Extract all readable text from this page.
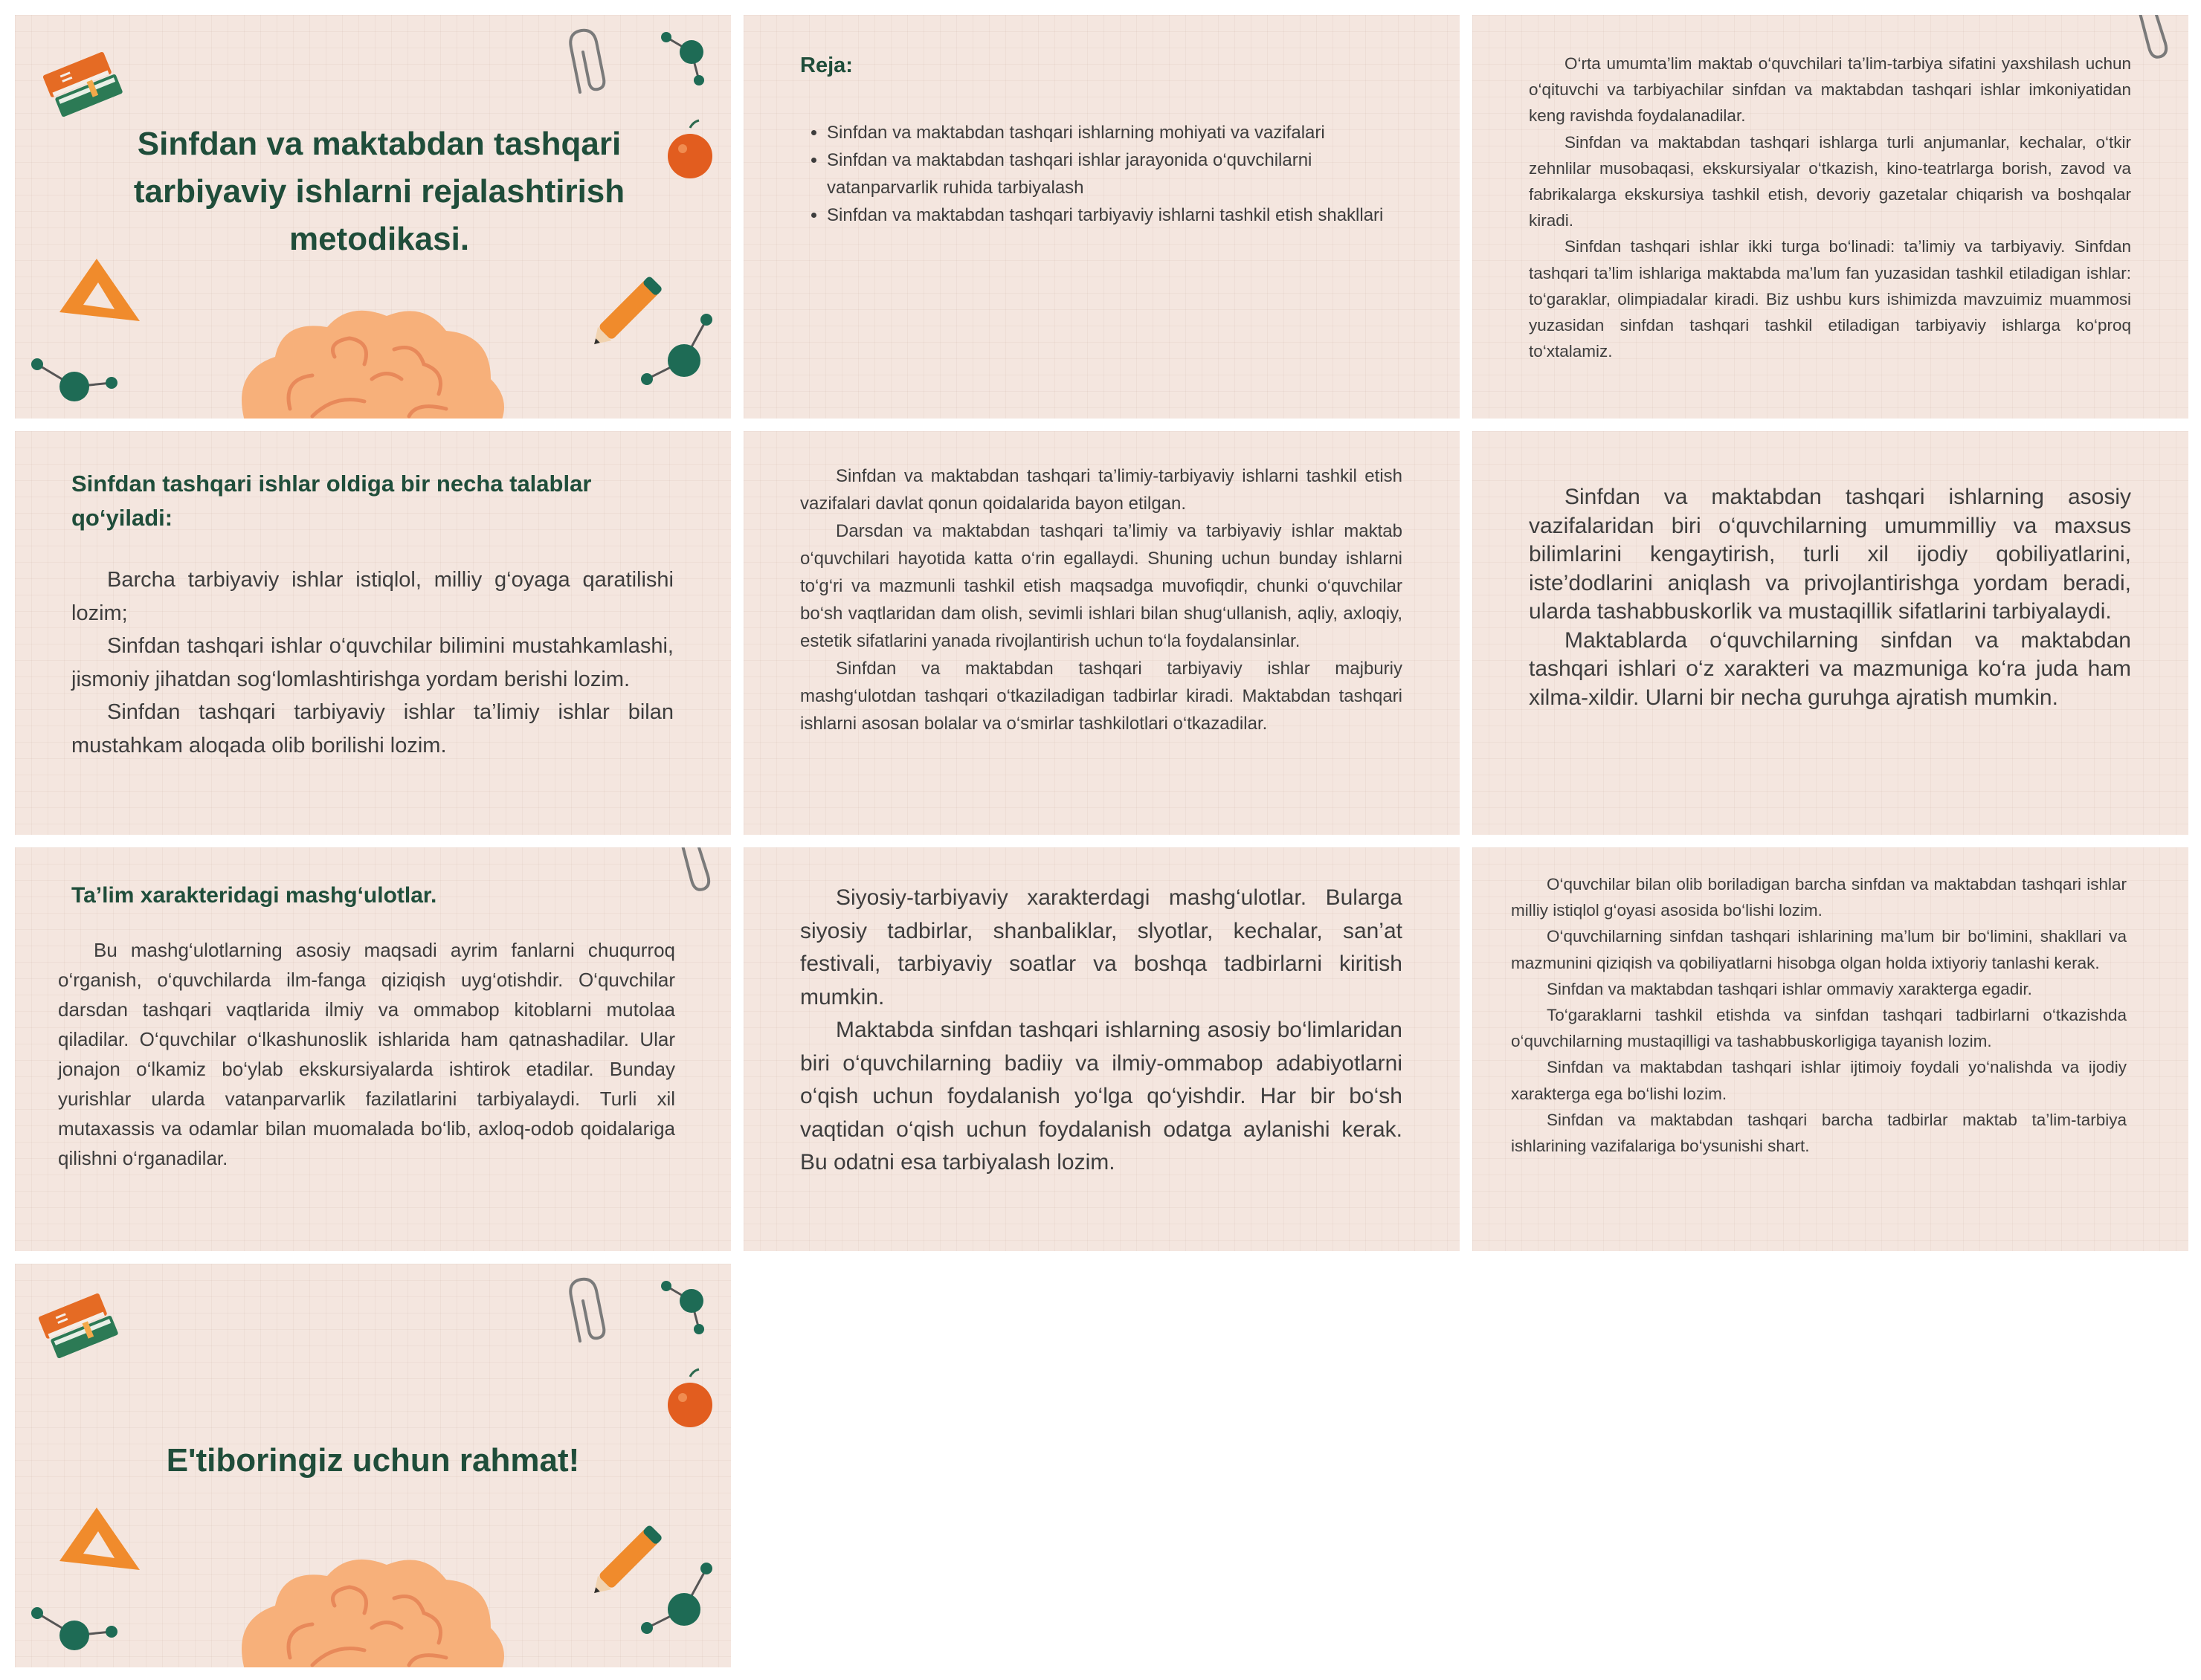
Sinfdan va maktabdan tashqari tarbiyaviy ishlarni rejalashtirish metodikasi.
Reja:
• Sinfdan va maktabdan tashqari ishlarning mohiyati va vazifalari
• Sinfdan va maktabdan tashqari ishlar jarayonida o‘quvchilarni vatanparvarlik ruhida tarbiyalash
• Sinfdan va maktabdan tashqari tarbiyaviy ishlarni tashkil etish shakllari

O‘rta umumta’lim maktab o‘quvchilari ta’lim-tarbiya sifatini yaxshilash uchun o‘qituvchi va tarbiyachilar sinfdan va maktabdan tashqari ishlar imkoniyatidan keng ravishda foydalanadilar.

Sinfdan va maktabdan tashqari ishlarga turli anjumanlar, kechalar, o‘tkir zehnlilar musobaqasi, ekskursiyalar o‘tkazish, kino-teatrlarga borish, zavod va fabrikalarga ekskursiya tashkil etish, devoriy gazetalar chiqarish va boshqalar kiradi.

Sinfdan tashqari ishlar ikki turga bo‘linadi: ta’limiy va tarbiyaviy. Sinfdan tashqari ta’lim ishlariga maktabda ma’lum fan yuzasidan tashkil etiladigan ishlar: to‘garaklar, olimpiadalar kiradi. Biz ushbu kurs ishimizda mavzuimiz muammosi yuzasidan sinfdan tashqari tashkil etiladigan tarbiyaviy ishlarga ko‘proq to‘xtalamiz.

Sinfdan tashqari ishlar oldiga bir necha talablar qo‘yiladi:

Barcha tarbiyaviy ishlar istiqlol, milliy g‘oyaga qaratilishi lozim;

Sinfdan tashqari ishlar o‘quvchilar bilimini mustahkamlashi, jismoniy jihatdan sog‘lomlashtirishga yordam berishi lozim.

Sinfdan tashqari tarbiyaviy ishlar ta’limiy ishlar bilan mustahkam aloqada olib borilishi lozim.

Sinfdan va maktabdan tashqari ta’limiy-tarbiyaviy ishlarni tashkil etish vazifalari davlat qonun qoidalarida bayon etilgan.

Darsdan va maktabdan tashqari ta’limiy va tarbiyaviy ishlar maktab o‘quvchilari hayotida katta o‘rin egallaydi. Shuning uchun bunday ishlarni to‘g‘ri va mazmunli tashkil etish maqsadga muvofiqdir, chunki o‘quvchilar bo‘sh vaqtlaridan dam olish, sevimli ishlari bilan shug‘ullanish, aqliy, axloqiy, estetik sifatlarini yanada rivojlantirish uchun to‘la foydalansinlar.

Sinfdan va maktabdan tashqari tarbiyaviy ishlar majburiy mashg‘ulotdan tashqari o‘tkaziladigan tadbirlar kiradi. Maktabdan tashqari ishlarni asosan bolalar va o‘smirlar tashkilotlari o‘tkazadilar.

Sinfdan va maktabdan tashqari ishlarning asosiy vazifalaridan biri o‘quvchilarning umummilliy va maxsus bilimlarini kengaytirish, turli xil ijodiy qobiliyatlarini, iste’dodlarini aniqlash va privojlantirishga yordam beradi, ularda tashabbuskorlik va mustaqillik sifatlarini tarbiyalaydi.

Maktablarda o‘quvchilarning sinfdan va maktabdan tashqari ishlari o‘z xarakteri va mazmuniga ko‘ra juda ham xilma-xildir. Ularni bir necha guruhga ajratish mumkin.

Ta’lim xarakteridagi mashg‘ulotlar.

Bu mashg‘ulotlarning asosiy maqsadi ayrim fanlarni chuqurroq o‘rganish, o‘quvchilarda ilm-fanga qiziqish uyg‘otishdir. O‘quvchilar darsdan tashqari vaqtlarida ilmiy va ommabop kitoblarni mutolaa qiladilar. O‘quvchilar o‘lkashunoslik ishlarida ham qatnashadilar. Ular jonajon o‘lkamiz bo‘ylab ekskursiyalarda ishtirok etadilar. Bunday yurishlar ularda vatanparvarlik fazilatlarini tarbiyalaydi. Turli xil mutaxassis va odamlar bilan muomalada bo‘lib, axloq-odob qoidalariga qilishni o‘rganadilar.

Siyosiy-tarbiyaviy xarakterdagi mashg‘ulotlar. Bularga siyosiy tadbirlar, shanbaliklar, slyotlar, kechalar, san’at festivali, tarbiyaviy soatlar va boshqa tadbirlarni kiritish mumkin.

Maktabda sinfdan tashqari ishlarning asosiy bo‘limlaridan biri o‘quvchilarning badiiy va ilmiy-ommabop adabiyotlarni o‘qish uchun foydalanish yo‘lga qo‘yishdir. Har bir bo‘sh vaqtidan o‘qish uchun foydalanish odatga aylanishi kerak. Bu odatni esa tarbiyalash lozim.

O‘quvchilar bilan olib boriladigan barcha sinfdan va maktabdan tashqari ishlar milliy istiqlol g‘oyasi asosida bo‘lishi lozim.

O‘quvchilarning sinfdan tashqari ishlarining ma’lum bir bo‘limini, shakllari va mazmunini qiziqish va qobiliyatlarni hisobga olgan holda ixtiyoriy tanlashi kerak.

Sinfdan va maktabdan tashqari ishlar ommaviy xarakterga egadir.

To‘garaklarni tashkil etishda va sinfdan tashqari tadbirlarni o‘tkazishda o‘quvchilarning mustaqilligi va tashabbuskorligiga tayanish lozim.

Sinfdan va maktabdan tashqari ishlar ijtimoiy foydali yo‘nalishda va ijodiy xarakterga ega bo‘lishi lozim.

Sinfdan va maktabdan tashqari barcha tadbirlar maktab ta’lim-tarbiya ishlarining vazifalariga bo‘ysunishi shart.

E'tiboringiz uchun rahmat!
